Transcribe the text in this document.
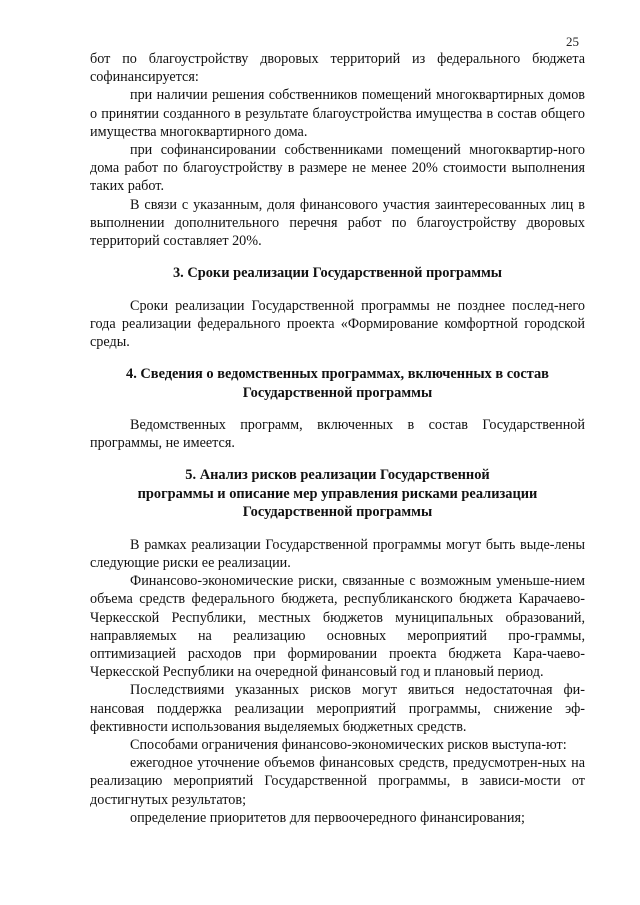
25

бот по благоустройству дворовых территорий из федерального бюджета софинансируется:

при наличии решения собственников помещений многоквартирных домов о принятии созданного в результате благоустройства имущества в состав общего имущества многоквартирного дома.

при софинансировании собственниками помещений многоквартир-ного дома работ по благоустройству в размере не менее 20% стоимости выполнения таких работ.

В связи с указанным, доля финансового участия заинтересованных лиц в выполнении дополнительного перечня работ по благоустройству дворовых территорий составляет 20%.

3. Сроки реализации Государственной программы

Сроки реализации Государственной программы не позднее послед-него года реализации федерального проекта «Формирование комфортной городской среды.

4. Сведения о ведомственных программах, включенных в состав

Государственной программы

Ведомственных программ, включенных в состав Государственной программы, не имеется.

5. Анализ рисков реализации Государственной

программы и описание мер управления рисками реализации

Государственной программы

В рамках реализации Государственной программы могут быть выде-лены следующие риски ее реализации.

Финансово-экономические риски, связанные с возможным уменьше-нием объема средств федерального бюджета, республиканского бюджета Карачаево-Черкесской Республики, местных бюджетов муниципальных образований, направляемых на реализацию основных мероприятий про-граммы, оптимизацией расходов при формировании проекта бюджета Кара-чаево-Черкесской Республики на очередной финансовый год и плановый период.

Последствиями указанных рисков могут явиться недостаточная фи-нансовая поддержка реализации мероприятий программы, снижение эф-фективности использования выделяемых бюджетных средств.

Способами ограничения финансово-экономических рисков выступа-ют:

ежегодное уточнение объемов финансовых средств, предусмотрен-ных на реализацию мероприятий Государственной программы, в зависи-мости от достигнутых результатов;

определение приоритетов для первоочередного финансирования;
